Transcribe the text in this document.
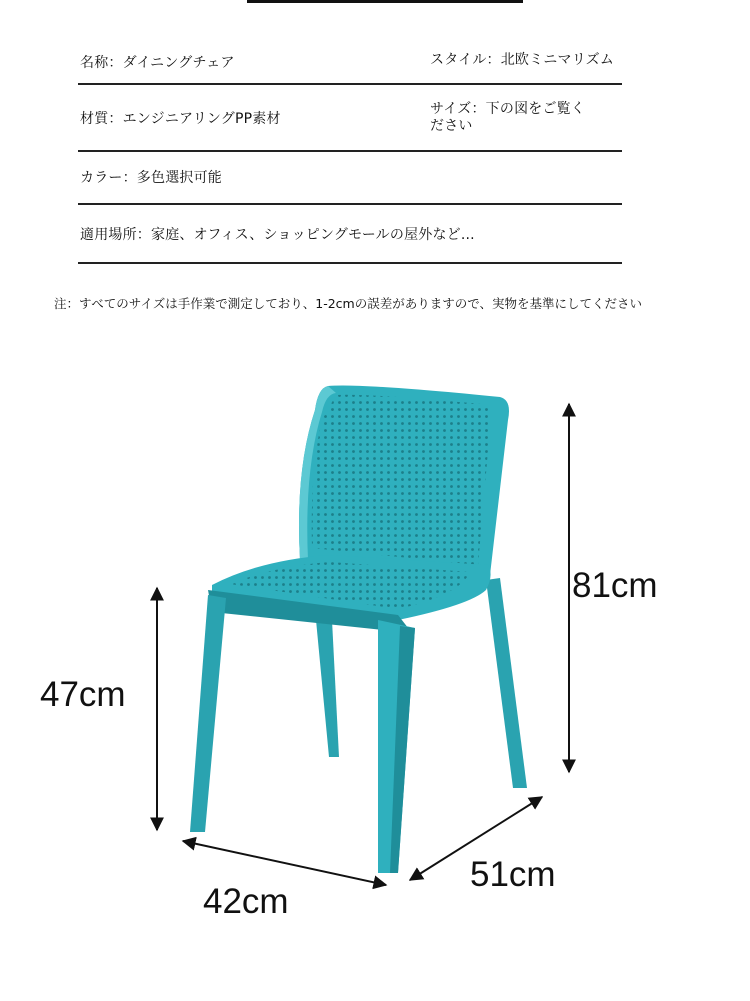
名称：ダイニングチェア	スタイル：北欧ミニマリズム
材質：エンジニアリングPP素材
サイズ：下の図をご覧く
ださい
カラー：多色選択可能
適用場所：家庭、オフィス、ショッピングモールの屋外など...
注：すべてのサイズは手作業で測定しており、1-2cmの誤差がありますので、実物を基準にしてください
81cm
47cm
42cm
51cm
